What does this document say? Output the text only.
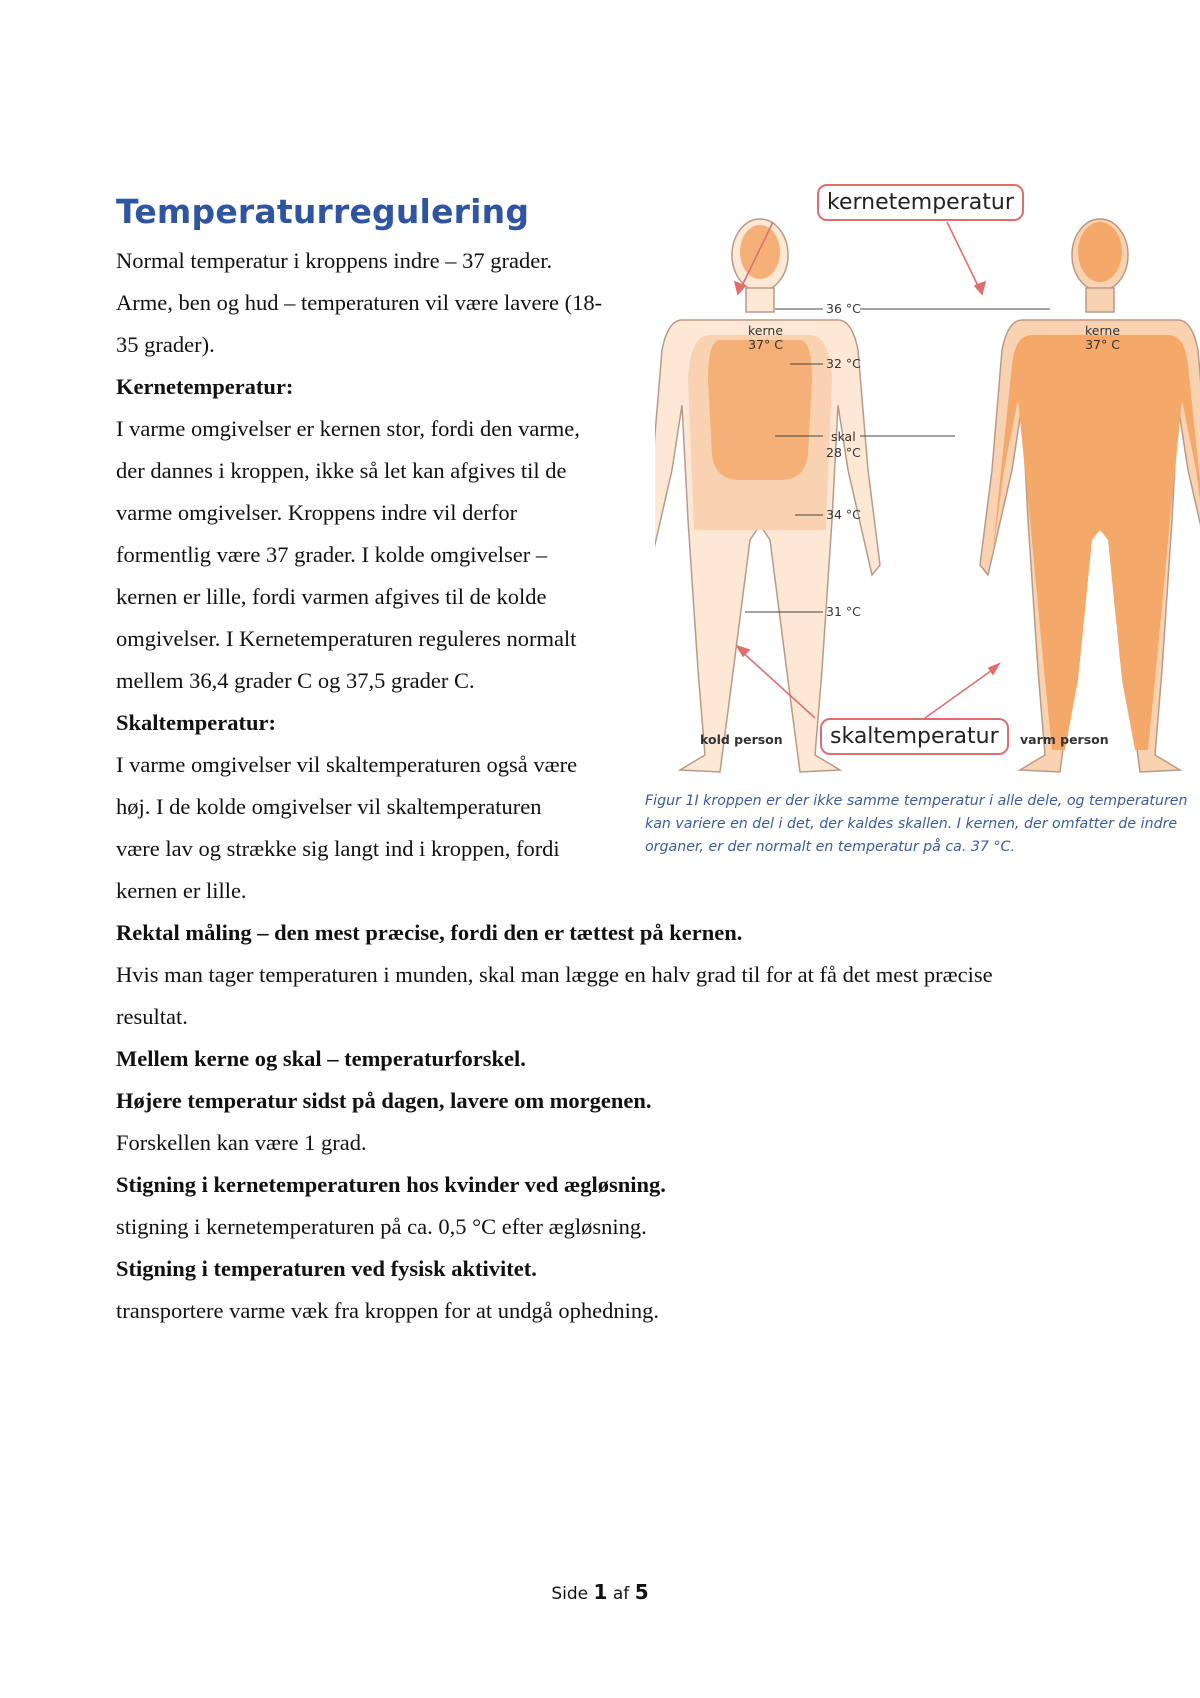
Temperaturregulering
Normal temperatur i kroppens indre – 37 grader.
Arme, ben og hud – temperaturen vil være lavere (18-
35 grader).
Kernetemperatur:
I varme omgivelser er kernen stor, fordi den varme,
der dannes i kroppen, ikke så let kan afgives til de
varme omgivelser. Kroppens indre vil derfor
formentlig være 37 grader. I kolde omgivelser –
kernen er lille, fordi varmen afgives til de kolde
omgivelser. I Kernetemperaturen reguleres normalt
mellem 36,4 grader C og 37,5 grader C.
Skaltemperatur:
I varme omgivelser vil skaltemperaturen også være
høj. I de kolde omgivelser vil skaltemperaturen
være lav og strække sig langt ind i kroppen, fordi
kernen er lille.
Rektal måling – den mest præcise, fordi den er tættest på kernen.
Hvis man tager temperaturen i munden, skal man lægge en halv grad til for at få det mest præcise
resultat.
Mellem kerne og skal – temperaturforskel.
Højere temperatur sidst på dagen, lavere om morgenen.
Forskellen kan være 1 grad.
Stigning i kernetemperaturen hos kvinder ved ægløsning.
stigning i kernetemperaturen på ca. 0,5 °C efter ægløsning.
Stigning i temperaturen ved fysisk aktivitet.
transportere varme væk fra kroppen for at undgå ophedning.
kernetemperatur
skaltemperatur
kerne
37° C
kerne
37° C
36 °C
32 °C
skal
28 °C
34 °C
31 °C
kold person	varm person
Figur 1I kroppen er der ikke samme temperatur i alle dele, og temperaturen kan variere en del i det, der kaldes skallen. I kernen, der omfatter de indre organer, er der normalt en temperatur på ca. 37 °C.
Side 1 af 5
